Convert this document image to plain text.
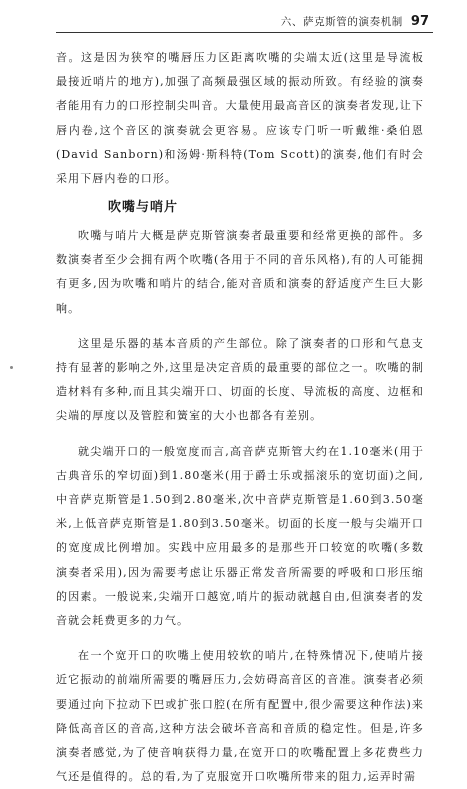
六、萨克斯管的演奏机制 97

音。这是因为狭窄的嘴唇压力区距离吹嘴的尖端太近(这里是导流板最接近哨片的地方),加强了高频最强区域的振动所致。有经验的演奏者能用有力的口形控制尖叫音。大量使用最高音区的演奏者发现,让下唇内卷,这个音区的演奏就会更容易。应该专门听一听戴维·桑伯恩(David Sanborn)和汤姆·斯科特(Tom Scott)的演奏,他们有时会采用下唇内卷的口形。

吹嘴与哨片

吹嘴与哨片大概是萨克斯管演奏者最重要和经常更换的部件。多数演奏者至少会拥有两个吹嘴(各用于不同的音乐风格),有的人可能拥有更多,因为吹嘴和哨片的结合,能对音质和演奏的舒适度产生巨大影响。

这里是乐器的基本音质的产生部位。除了演奏者的口形和气息支持有显著的影响之外,这里是决定音质的最重要的部位之一。吹嘴的制造材料有多种,而且其尖端开口、切面的长度、导流板的高度、边框和尖端的厚度以及管腔和簧室的大小也都各有差别。

就尖端开口的一般宽度而言,高音萨克斯管大约在1.10毫米(用于古典音乐的窄切面)到1.80毫米(用于爵士乐或摇滚乐的宽切面)之间,中音萨克斯管是1.50到2.80毫米,次中音萨克斯管是1.60到3.50毫米,上低音萨克斯管是1.80到3.50毫米。切面的长度一般与尖端开口的宽度成比例增加。实践中应用最多的是那些开口较宽的吹嘴(多数演奏者采用),因为需要考虑让乐器正常发音所需要的呼吸和口形压缩的因素。一般说来,尖端开口越宽,哨片的振动就越自由,但演奏者的发音就会耗费更多的力气。

在一个宽开口的吹嘴上使用较软的哨片,在特殊情况下,使哨片接近它振动的前端所需要的嘴唇压力,会妨碍高音区的音准。演奏者必须要通过向下拉动下巴或扩张口腔(在所有配置中,很少需要这种作法)来降低高音区的音高,这种方法会破坏音高和音质的稳定性。但是,许多演奏者感觉,为了使音响获得力量,在宽开口的吹嘴配置上多花费些力气还是值得的。总的看,为了克服宽开口吹嘴所带来的阻力,运弄时需
